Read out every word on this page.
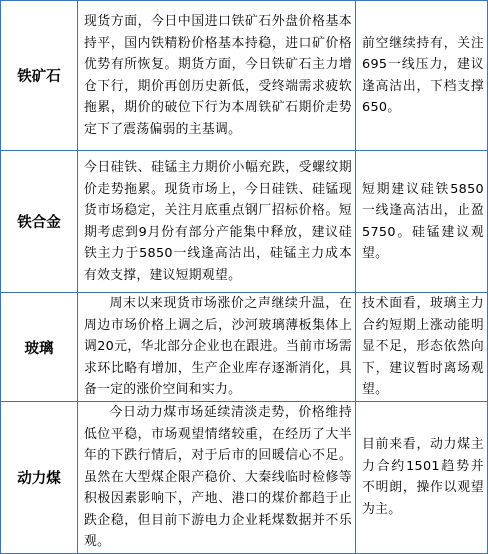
铁矿石	现货方面，今日中国进口铁矿石外盘价格基本持平，国内铁精粉价格基本持稳，进口矿价格优势有所恢复。期货方面，今日铁矿石主力增仓下行，期价再创历史新低，受终端需求疲软拖累，期价的破位下行为本周铁矿石期价走势定下了震荡偏弱的主基调。	前空继续持有，关注695一线压力，建议逢高沽出，下档支撑650。
铁合金	今日硅铁、硅锰主力期价小幅充跌，受螺纹期价走势拖累。现货市场上，今日硅铁、硅锰现货市场稳定，关注月底重点钢厂招标价格。短期考虑到9月份有部分产能集中释放，建议硅铁主力于5850一线逢高沽出，硅锰主力成本有效支撑，建议短期观望。	短期建议硅铁5850一线逢高沽出，止盈5750。硅锰建议观望。
玻璃	周末以来现货市场涨价之声继续升温，在周边市场价格上调之后，沙河玻璃薄板集体上调20元，华北部分企业也在跟进。当前市场需求环比略有增加，生产企业库存逐渐消化，具备一定的涨价空间和实力。	技术面看，玻璃主力合约短期上涨动能明显不足，形态依然向下，建议暂时离场观望。
动力煤	今日动力煤市场延续清淡走势，价格维持低位平稳，市场观望情绪较重，在经历了大半年的下跌行情后，对于后市的回暖信心不足。虽然在大型煤企限产稳价、大秦线临时检修等积极因素影响下，产地、港口的煤价都趋于止跌企稳，但目前下游电力企业耗煤数据并不乐观。	目前来看，动力煤主力合约1501趋势并不明朗，操作以观望为主。
